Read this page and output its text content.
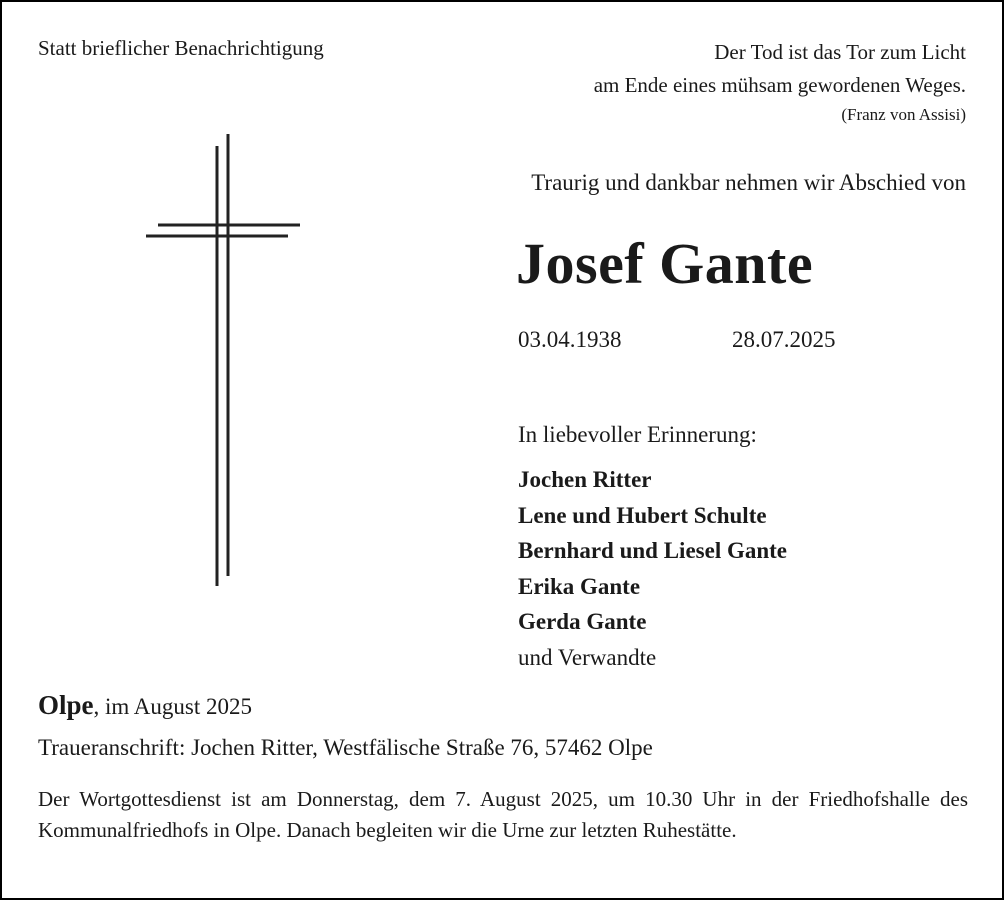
Statt brieflicher Benachrichtigung	Der Tod ist das Tor zum Licht
am Ende eines mühsam gewordenen Weges.
(Franz von Assisi)
Traurig und dankbar nehmen wir Abschied von
Josef Gante
03.04.1938	28.07.2025
In liebevoller Erinnerung:
Jochen Ritter
Lene und Hubert Schulte
Bernhard und Liesel Gante
Erika Gante
Gerda Gante
und Verwandte
Olpe, im August 2025
Traueranschrift: Jochen Ritter, Westfälische Straße 76, 57462 Olpe
Der Wortgottesdienst ist am Donnerstag, dem 7. August 2025, um 10.30 Uhr in der Friedhofshalle des Kommunalfriedhofs in Olpe. Danach begleiten wir die Urne zur letzten Ruhestätte.
